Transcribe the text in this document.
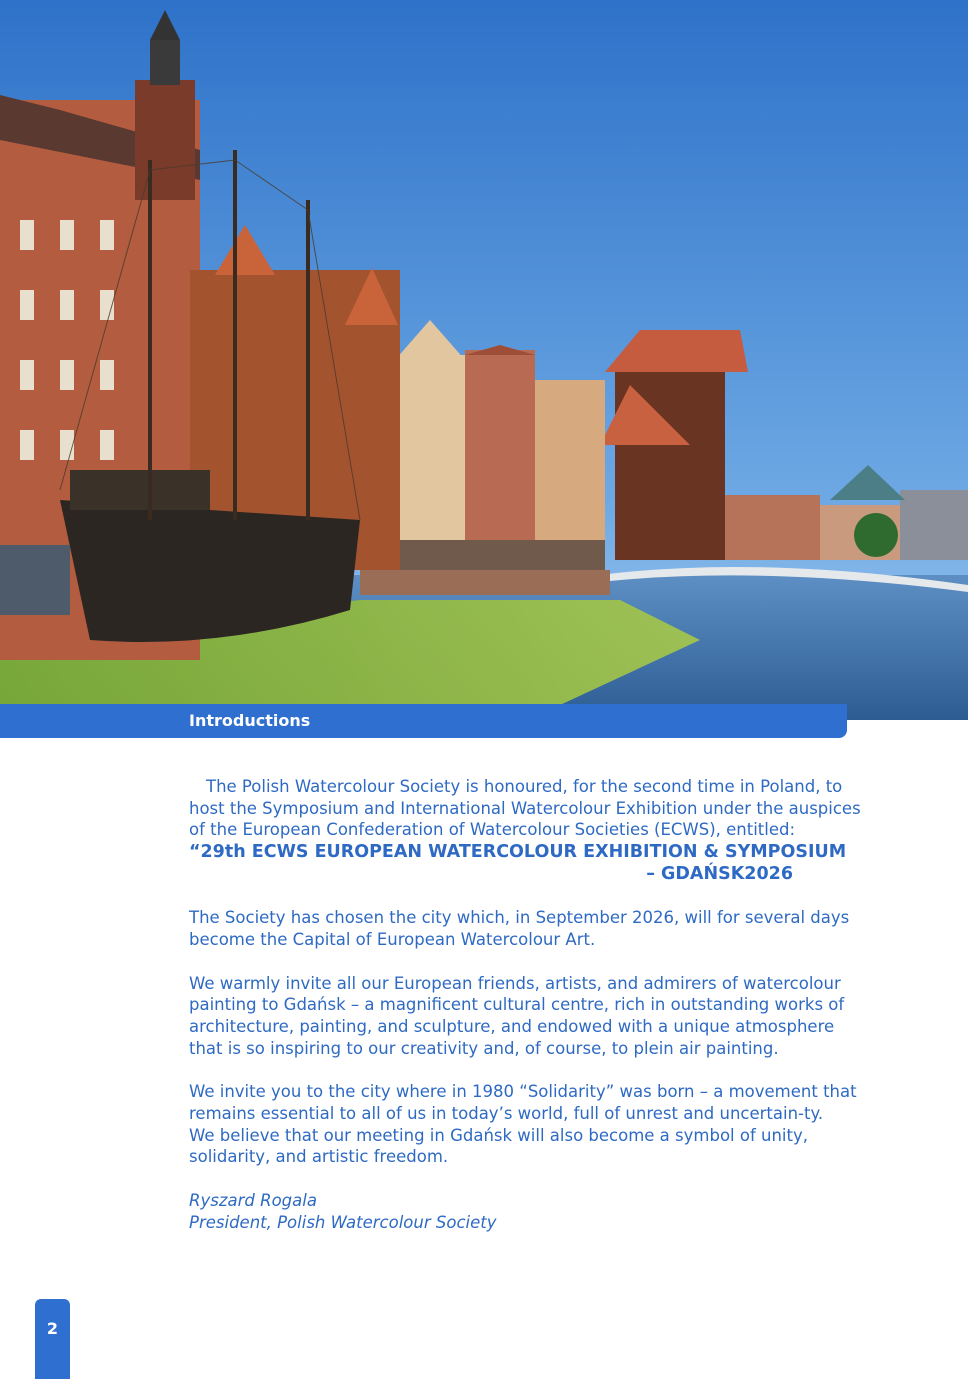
Introductions

The Polish Watercolour Society is honoured, for the second time in Poland, to host the Symposium and International Watercolour Exhibition under the auspices of the European Confederation of Watercolour Societies (ECWS), entitled:

“29th ECWS EUROPEAN WATERCOLOUR EXHIBITION & SYMPOSIUM

– GDAŃSK2026

The Society has chosen the city which, in September 2026, will for several days become the Capital of European Watercolour Art.

We warmly invite all our European friends, artists, and admirers of watercolour painting to Gdańsk – a magnificent cultural centre, rich in outstanding works of architecture, painting, and sculpture, and endowed with a unique atmosphere that is so inspiring to our creativity and, of course, to plein air painting.

We invite you to the city where in 1980 “Solidarity” was born – a movement that remains essential to all of us in today’s world, full of unrest and uncertain-ty.

We believe that our meeting in Gdańsk will also become a symbol of unity, solidarity, and artistic freedom.

Ryszard Rogala

President, Polish Watercolour Society

2
